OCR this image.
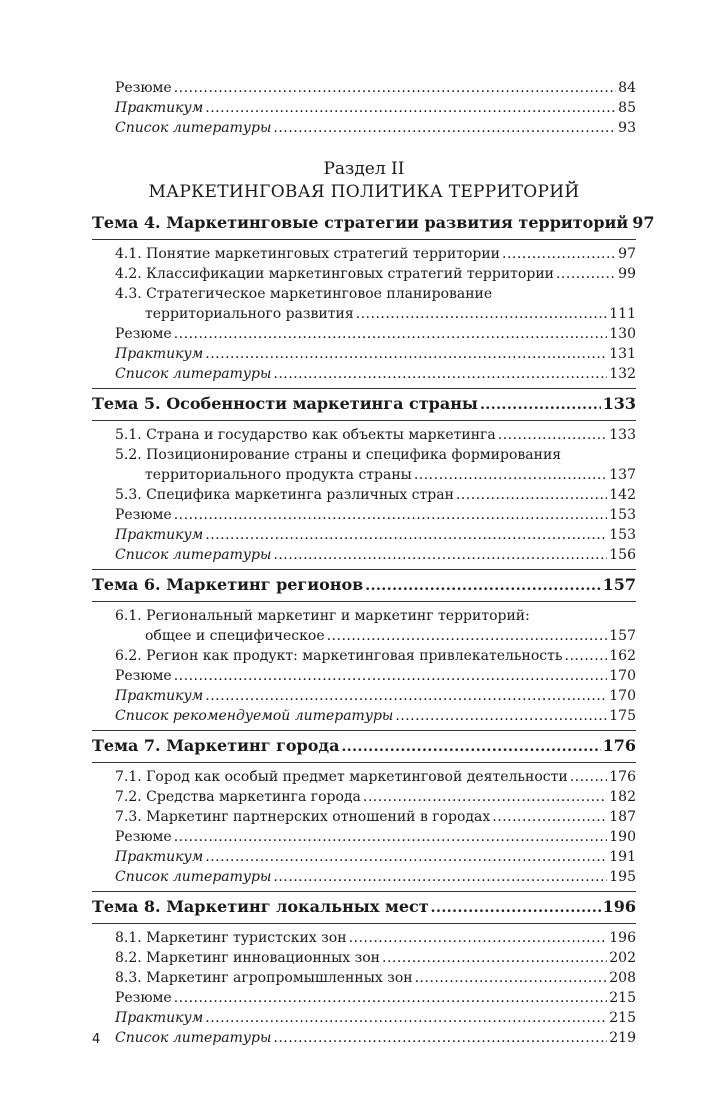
Резюме .....	84
Практикум .....	85
Список литературы .....	93
Раздел II
МАРКЕТИНГОВАЯ ПОЛИТИКА ТЕРРИТОРИЙ
Тема 4. Маркетинговые стратегии развития территорий 97
4.1. Понятие маркетинговых стратегий территории .....	97
4.2. Классификации маркетинговых стратегий территории .....	99
4.3. Стратегическое маркетинговое планирование
территориального развития .....	111
Резюме .....	130
Практикум .....	131
Список литературы .....	132
Тема 5. Особенности маркетинга страны .....	133
5.1. Страна и государство как объекты маркетинга .....	133
5.2. Позиционирование страны и специфика формирования
территориального продукта страны .....	137
5.3. Специфика маркетинга различных стран .....	142
Резюме .....	153
Практикум .....	153
Список литературы .....	156
Тема 6. Маркетинг регионов .....	157
6.1. Региональный маркетинг и маркетинг территорий:
общее и специфическое .....	157
6.2. Регион как продукт: маркетинговая привлекательность .....	162
Резюме .....	170
Практикум .....	170
Список рекомендуемой литературы .....	175
Тема 7. Маркетинг города .....	176
7.1. Город как особый предмет маркетинговой деятельности .....	176
7.2. Средства маркетинга города .....	182
7.3. Маркетинг партнерских отношений в городах .....	187
Резюме .....	190
Практикум .....	191
Список литературы .....	195
Тема 8. Маркетинг локальных мест .....	196
8.1. Маркетинг туристских зон .....	196
8.2. Маркетинг инновационных зон .....	202
8.3. Маркетинг агропромышленных зон .....	208
Резюме .....	215
Практикум .....	215
Список литературы .....	219
4
